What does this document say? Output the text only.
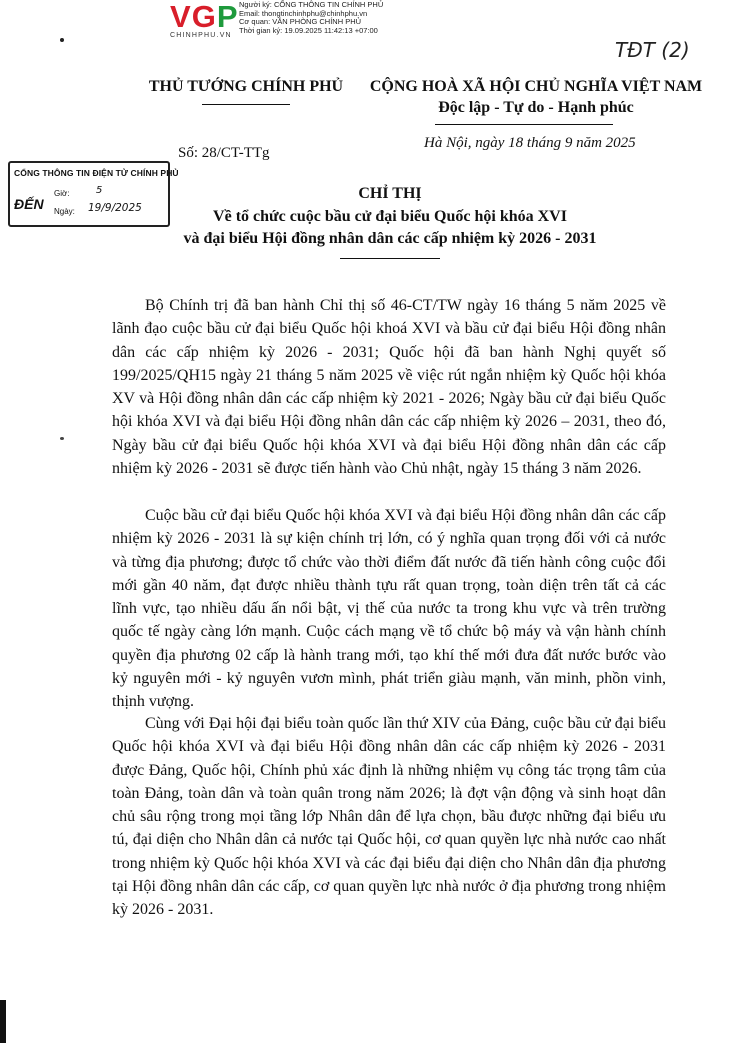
VGP
CHINHPHU.VN
Người ký: CỔNG THÔNG TIN CHÍNH PHỦ
Email: thongtinchinhphu@chinhphu.vn
Cơ quan: VĂN PHÒNG CHÍNH PHỦ
Thời gian ký: 19.09.2025 11:42:13 +07:00
TĐT (2)
THỦ TƯỚNG CHÍNH PHỦ	CỘNG HOÀ XÃ HỘI CHỦ NGHĨA VIỆT NAM
Độc lập - Tự do - Hạnh phúc
Số: 28/CT-TTg
Hà Nội, ngày 18 tháng 9 năm 2025
CỔNG THÔNG TIN ĐIỆN TỬ CHÍNH PHỦ
ĐẾN
Giờ:	5
Ngày: 19/9/2025
CHỈ THỊ
Về tổ chức cuộc bầu cử đại biểu Quốc hội khóa XVI
và đại biểu Hội đồng nhân dân các cấp nhiệm kỳ 2026 - 2031

Bộ Chính trị đã ban hành Chỉ thị số 46-CT/TW ngày 16 tháng 5 năm 2025 về lãnh đạo cuộc bầu cử đại biểu Quốc hội khoá XVI và bầu cử đại biểu Hội đồng nhân dân các cấp nhiệm kỳ 2026 - 2031; Quốc hội đã ban hành Nghị quyết số 199/2025/QH15 ngày 21 tháng 5 năm 2025 về việc rút ngắn nhiệm kỳ Quốc hội khóa XV và Hội đồng nhân dân các cấp nhiệm kỳ 2021 - 2026; Ngày bầu cử đại biểu Quốc hội khóa XVI và đại biểu Hội đồng nhân dân các cấp nhiệm kỳ 2026 – 2031, theo đó, Ngày bầu cử đại biểu Quốc hội khóa XVI và đại biểu Hội đồng nhân dân các cấp nhiệm kỳ 2026 - 2031 sẽ được tiến hành vào Chủ nhật, ngày 15 tháng 3 năm 2026.

Cuộc bầu cử đại biểu Quốc hội khóa XVI và đại biểu Hội đồng nhân dân các cấp nhiệm kỳ 2026 - 2031 là sự kiện chính trị lớn, có ý nghĩa quan trọng đối với cả nước và từng địa phương; được tổ chức vào thời điểm đất nước đã tiến hành công cuộc đổi mới gần 40 năm, đạt được nhiều thành tựu rất quan trọng, toàn diện trên tất cả các lĩnh vực, tạo nhiều dấu ấn nổi bật, vị thế của nước ta trong khu vực và trên trường quốc tế ngày càng lớn mạnh. Cuộc cách mạng về tổ chức bộ máy và vận hành chính quyền địa phương 02 cấp là hành trang mới, tạo khí thế mới đưa đất nước bước vào kỷ nguyên mới - kỷ nguyên vươn mình, phát triển giàu mạnh, văn minh, phồn vinh, thịnh vượng.

Cùng với Đại hội đại biểu toàn quốc lần thứ XIV của Đảng, cuộc bầu cử đại biểu Quốc hội khóa XVI và đại biểu Hội đồng nhân dân các cấp nhiệm kỳ 2026 - 2031 được Đảng, Quốc hội, Chính phủ xác định là những nhiệm vụ công tác trọng tâm của toàn Đảng, toàn dân và toàn quân trong năm 2026; là đợt vận động và sinh hoạt dân chủ sâu rộng trong mọi tầng lớp Nhân dân để lựa chọn, bầu được những đại biểu ưu tú, đại diện cho Nhân dân cả nước tại Quốc hội, cơ quan quyền lực nhà nước cao nhất trong nhiệm kỳ Quốc hội khóa XVI và các đại biểu đại diện cho Nhân dân địa phương tại Hội đồng nhân dân các cấp, cơ quan quyền lực nhà nước ở địa phương trong nhiệm kỳ 2026 - 2031.
